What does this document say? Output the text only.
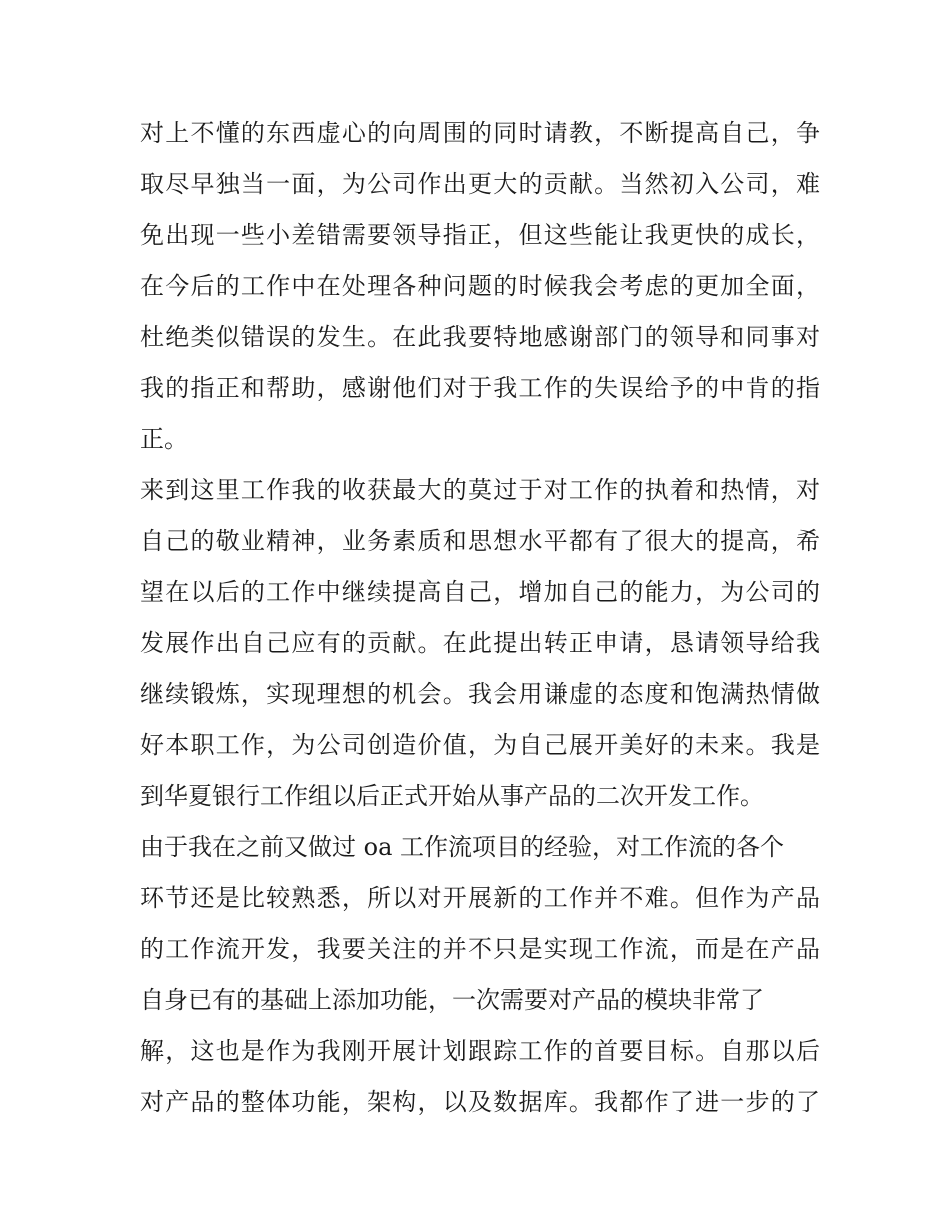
对上不懂的东西虚心的向周围的同时请教，不断提高自己，争
取尽早独当一面，为公司作出更大的贡献。当然初入公司，难
免出现一些小差错需要领导指正，但这些能让我更快的成长，
在今后的工作中在处理各种问题的时候我会考虑的更加全面，
杜绝类似错误的发生。在此我要特地感谢部门的领导和同事对
我的指正和帮助，感谢他们对于我工作的失误给予的中肯的指
正。
来到这里工作我的收获最大的莫过于对工作的执着和热情，对
自己的敬业精神，业务素质和思想水平都有了很大的提高，希
望在以后的工作中继续提高自己，增加自己的能力，为公司的
发展作出自己应有的贡献。在此提出转正申请，恳请领导给我
继续锻炼，实现理想的机会。我会用谦虚的态度和饱满热情做
好本职工作，为公司创造价值，为自己展开美好的未来。我是
到华夏银行工作组以后正式开始从事产品的二次开发工作。
由于我在之前又做过 oa 工作流项目的经验，对工作流的各个
环节还是比较熟悉，所以对开展新的工作并不难。但作为产品
的工作流开发，我要关注的并不只是实现工作流，而是在产品
自身已有的基础上添加功能，一次需要对产品的模块非常了
解，这也是作为我刚开展计划跟踪工作的首要目标。自那以后
对产品的整体功能，架构，以及数据库。我都作了进一步的了
